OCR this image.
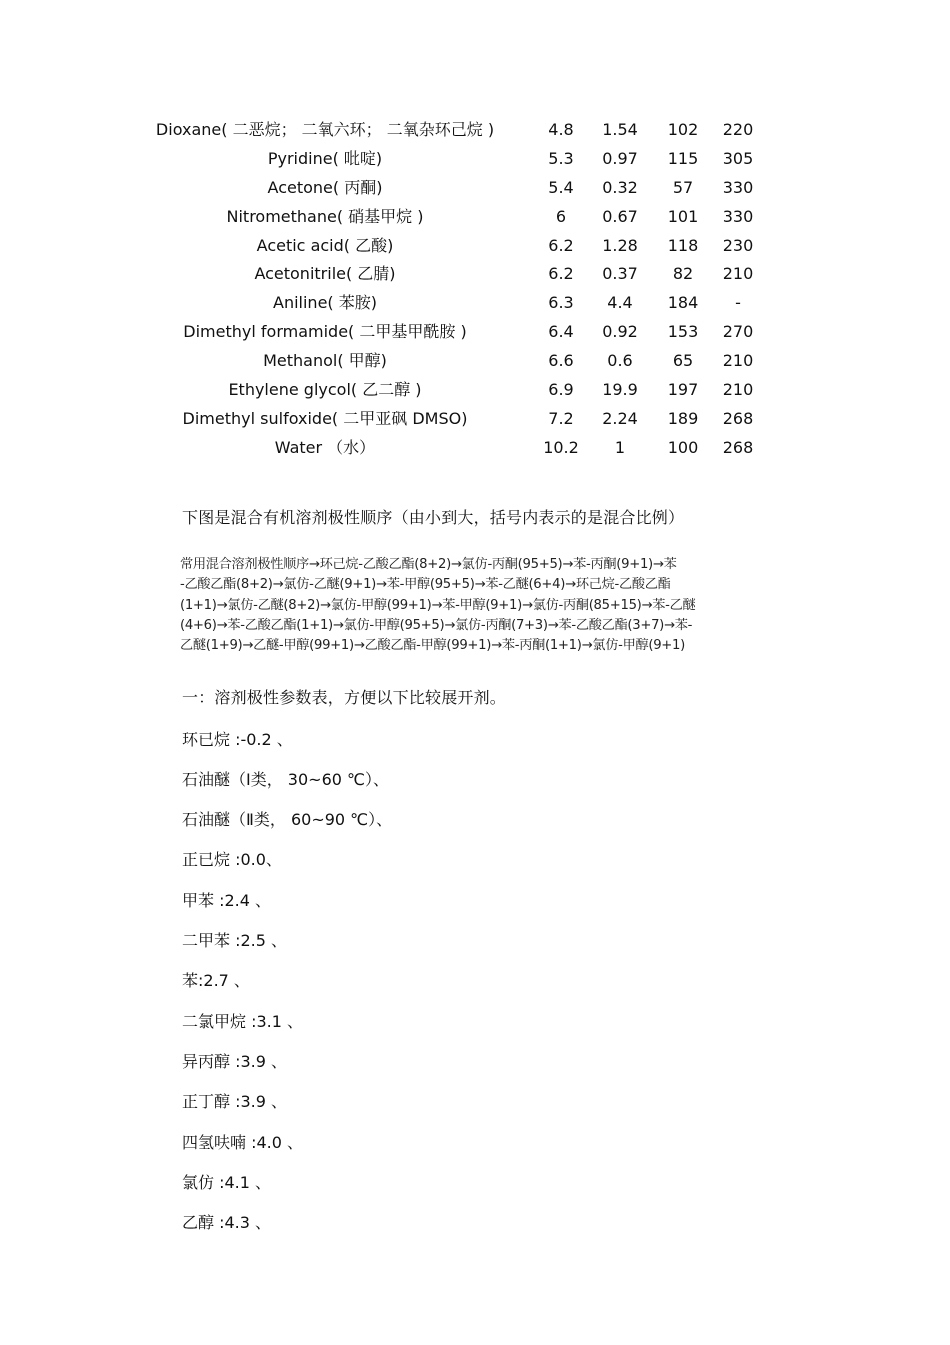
Dioxane( 二恶烷； 二氧六环； 二氧杂环己烷 )	4.8	1.54	102	220
Pyridine( 吡啶)	5.3	0.97	115	305
Acetone( 丙酮)	5.4	0.32	57	330
Nitromethane( 硝基甲烷 )	6	0.67	101	330
Acetic acid( 乙酸)	6.2	1.28	118	230
Acetonitrile( 乙腈)	6.2	0.37	82	210
Aniline( 苯胺)	6.3	4.4	184	-
Dimethyl formamide( 二甲基甲酰胺 )	6.4	0.92	153	270
Methanol( 甲醇)	6.6	0.6	65	210
Ethylene glycol( 乙二醇 )	6.9	19.9	197	210
Dimethyl sulfoxide( 二甲亚砜 DMSO)	7.2	2.24	189	268
Water （水）	10.2	1	100	268
下图是混合有机溶剂极性顺序（由小到大，括号内表示的是混合比例）
常用混合溶剂极性顺序→环己烷-乙酸乙酯(8+2)→氯仿-丙酮(95+5)→苯-丙酮(9+1)→苯
-乙酸乙酯(8+2)→氯仿-乙醚(9+1)→苯-甲醇(95+5)→苯-乙醚(6+4)→环己烷-乙酸乙酯
(1+1)→氯仿-乙醚(8+2)→氯仿-甲醇(99+1)→苯-甲醇(9+1)→氯仿-丙酮(85+15)→苯-乙醚
(4+6)→苯-乙酸乙酯(1+1)→氯仿-甲醇(95+5)→氯仿-丙酮(7+3)→苯-乙酸乙酯(3+7)→苯-
乙醚(1+9)→乙醚-甲醇(99+1)→乙酸乙酯-甲醇(99+1)→苯-丙酮(1+1)→氯仿-甲醇(9+1)
一：溶剂极性参数表，方便以下比较展开剂。
环已烷 :-0.2 、
石油醚（Ⅰ类， 30~60 ℃）、
石油醚（Ⅱ类， 60~90 ℃）、
正已烷 :0.0、
甲苯 :2.4 、
二甲苯 :2.5 、
苯:2.7 、
二氯甲烷 :3.1 、
异丙醇 :3.9 、
正丁醇 :3.9 、
四氢呋喃 :4.0 、
氯仿 :4.1 、
乙醇 :4.3 、
